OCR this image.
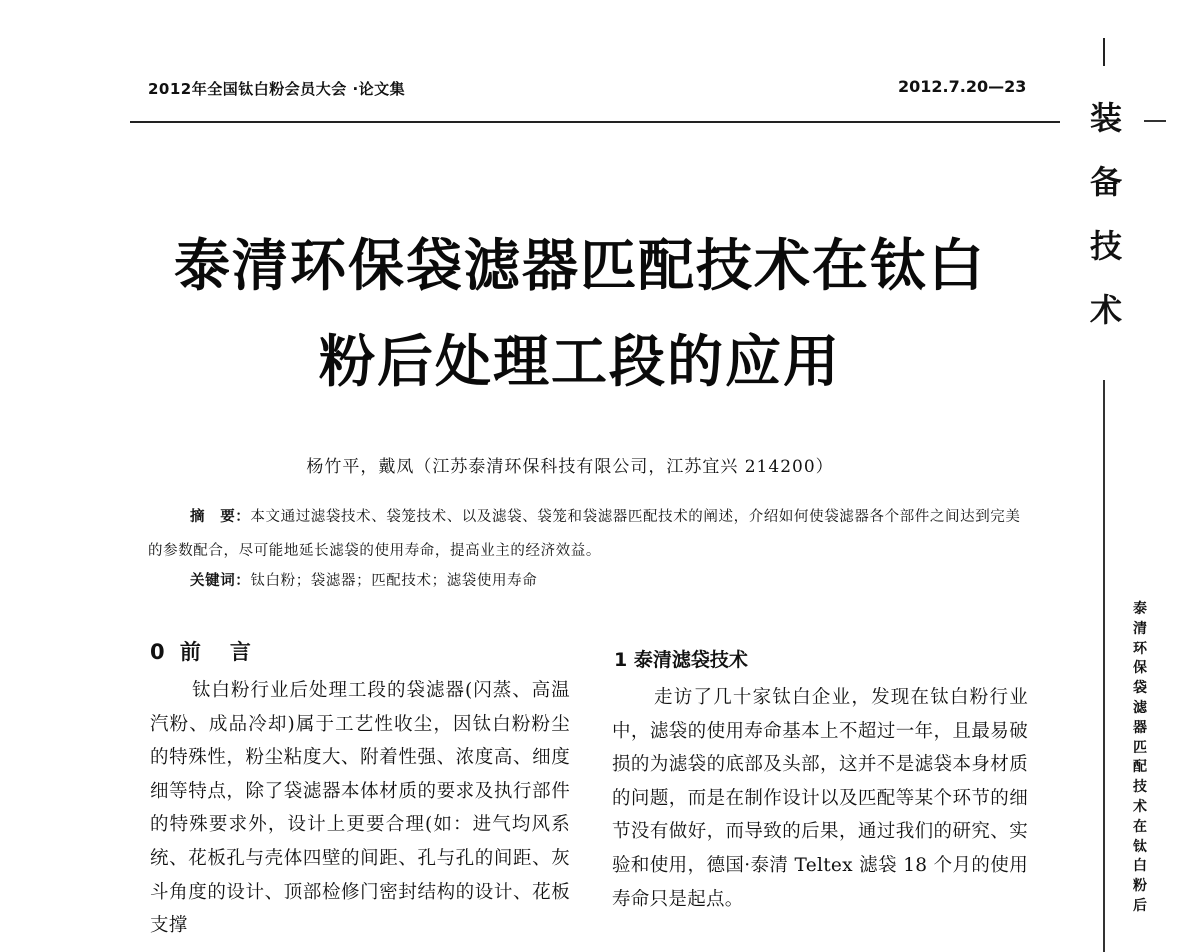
2012年全国钛白粉会员大会 ·论文集	2012.7.20—23
装
备
技
术
泰
清
环
保
袋
滤
器
匹
配
技
术
在
钛
白
粉
后
泰清环保袋滤器匹配技术在钛白
粉后处理工段的应用
杨竹平，戴凤（江苏泰清环保科技有限公司，江苏宜兴 214200）
摘　要：本文通过滤袋技术、袋笼技术、以及滤袋、袋笼和袋滤器匹配技术的阐述，介绍如何使袋滤器各个部件之间达到完美的参数配合，尽可能地延长滤袋的使用寿命，提高业主的经济效益。
关键词：钛白粉；袋滤器；匹配技术；滤袋使用寿命
0 前　言

钛白粉行业后处理工段的袋滤器(闪蒸、高温汽粉、成品冷却)属于工艺性收尘，因钛白粉粉尘的特殊性，粉尘粘度大、附着性强、浓度高、细度细等特点，除了袋滤器本体材质的要求及执行部件的特殊要求外，设计上更要合理(如：进气均风系统、花板孔与壳体四壁的间距、孔与孔的间距、灰斗角度的设计、顶部检修门密封结构的设计、花板支撑

1 泰清滤袋技术

走访了几十家钛白企业，发现在钛白粉行业中，滤袋的使用寿命基本上不超过一年，且最易破损的为滤袋的底部及头部，这并不是滤袋本身材质的问题，而是在制作设计以及匹配等某个环节的细节没有做好，而导致的后果，通过我们的研究、实验和使用，德国·泰清 Teltex 滤袋 18 个月的使用寿命只是起点。
